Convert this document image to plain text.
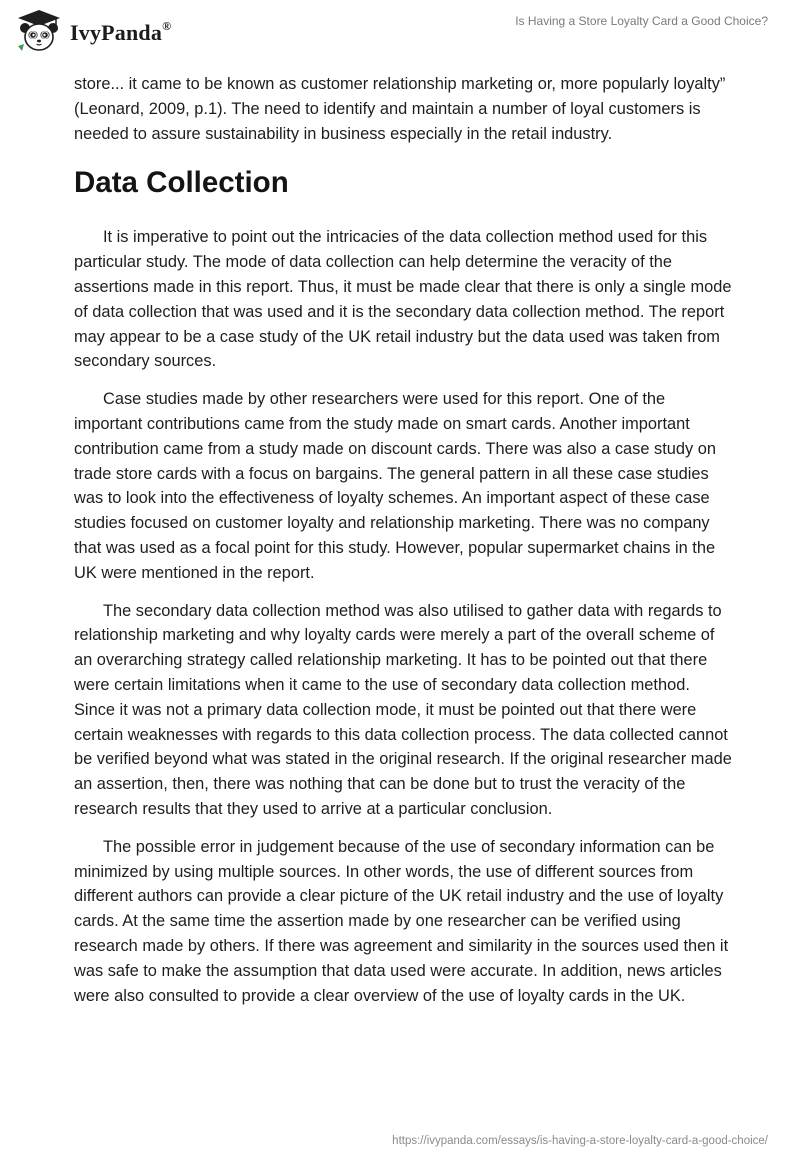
IvyPanda®	Is Having a Store Loyalty Card a Good Choice?

store... it came to be known as customer relationship marketing or, more popularly loyalty” (Leonard, 2009, p.1). The need to identify and maintain a number of loyal customers is needed to assure sustainability in business especially in the retail industry.

Data Collection

It is imperative to point out the intricacies of the data collection method used for this particular study. The mode of data collection can help determine the veracity of the assertions made in this report. Thus, it must be made clear that there is only a single mode of data collection that was used and it is the secondary data collection method. The report may appear to be a case study of the UK retail industry but the data used was taken from secondary sources.

Case studies made by other researchers were used for this report. One of the important contributions came from the study made on smart cards. Another important contribution came from a study made on discount cards. There was also a case study on trade store cards with a focus on bargains. The general pattern in all these case studies was to look into the effectiveness of loyalty schemes. An important aspect of these case studies focused on customer loyalty and relationship marketing. There was no company that was used as a focal point for this study. However, popular supermarket chains in the UK were mentioned in the report.

The secondary data collection method was also utilised to gather data with regards to relationship marketing and why loyalty cards were merely a part of the overall scheme of an overarching strategy called relationship marketing. It has to be pointed out that there were certain limitations when it came to the use of secondary data collection method. Since it was not a primary data collection mode, it must be pointed out that there were certain weaknesses with regards to this data collection process. The data collected cannot be verified beyond what was stated in the original research. If the original researcher made an assertion, then, there was nothing that can be done but to trust the veracity of the research results that they used to arrive at a particular conclusion.

The possible error in judgement because of the use of secondary information can be minimized by using multiple sources. In other words, the use of different sources from different authors can provide a clear picture of the UK retail industry and the use of loyalty cards. At the same time the assertion made by one researcher can be verified using research made by others. If there was agreement and similarity in the sources used then it was safe to make the assumption that data used were accurate. In addition, news articles were also consulted to provide a clear overview of the use of loyalty cards in the UK.

https://ivypanda.com/essays/is-having-a-store-loyalty-card-a-good-choice/
